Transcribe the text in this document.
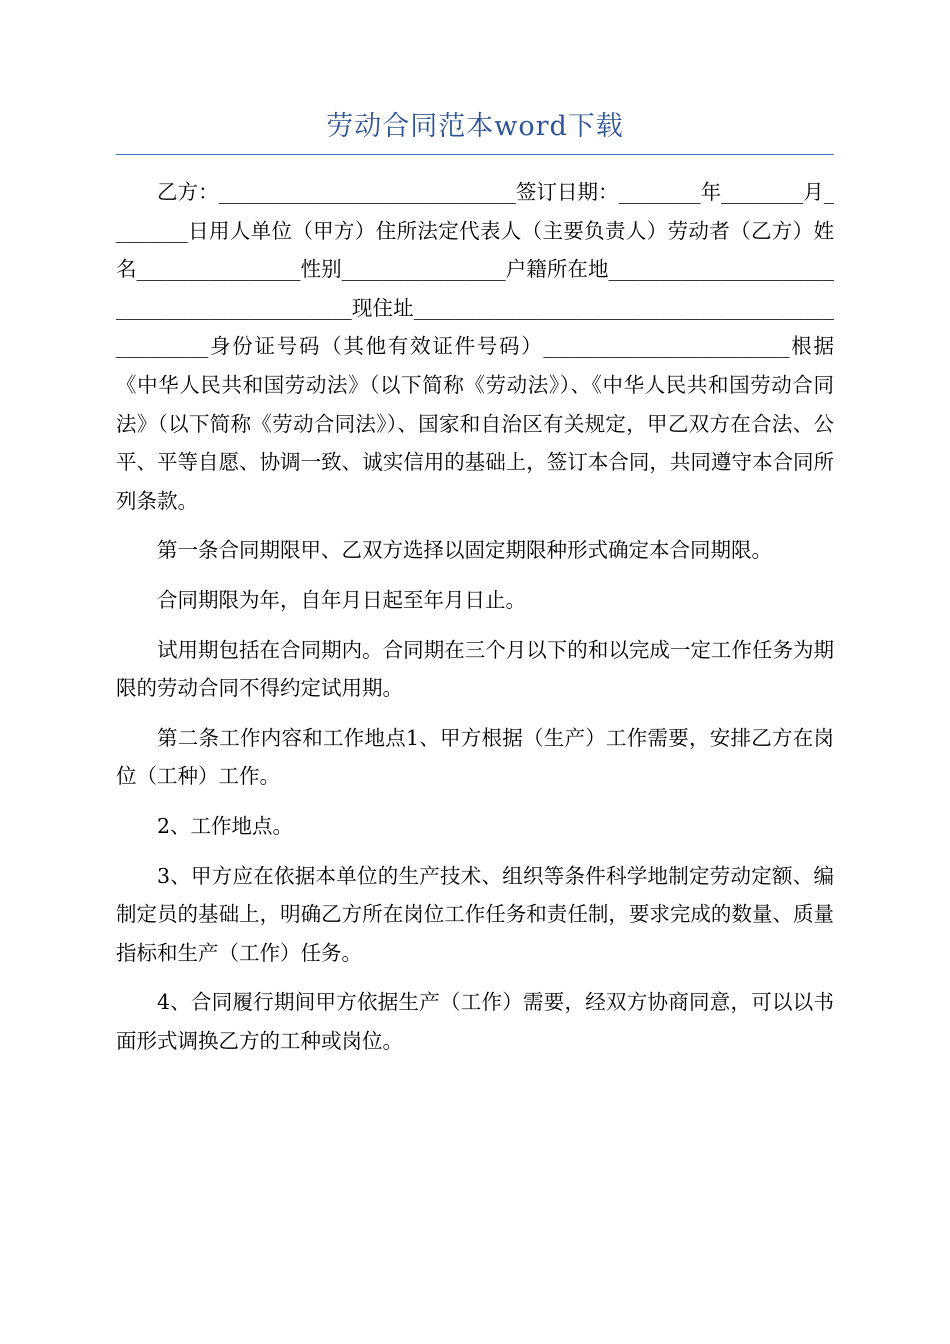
劳动合同范本word下载

乙方：_____________________________签订日期：________年________月________日用人单位（甲方）住所法定代表人（主要负责人）劳动者（乙方）姓名________________性别________________户籍所在地_____________________________________________现住址__________________________________________________身份证号码（其他有效证件号码）________________________根据《中华人民共和国劳动法》（以下简称《劳动法》）、《中华人民共和国劳动合同法》（以下简称《劳动合同法》）、国家和自治区有关规定，甲乙双方在合法、公平、平等自愿、协调一致、诚实信用的基础上，签订本合同，共同遵守本合同所列条款。

第一条合同期限甲、乙双方选择以固定期限种形式确定本合同期限。

合同期限为年，自年月日起至年月日止。

试用期包括在合同期内。合同期在三个月以下的和以完成一定工作任务为期限的劳动合同不得约定试用期。

第二条工作内容和工作地点1、甲方根据（生产）工作需要，安排乙方在岗位（工种）工作。

2、工作地点。

3、甲方应在依据本单位的生产技术、组织等条件科学地制定劳动定额、编制定员的基础上，明确乙方所在岗位工作任务和责任制，要求完成的数量、质量指标和生产（工作）任务。

4、合同履行期间甲方依据生产（工作）需要，经双方协商同意，可以以书面形式调换乙方的工种或岗位。
